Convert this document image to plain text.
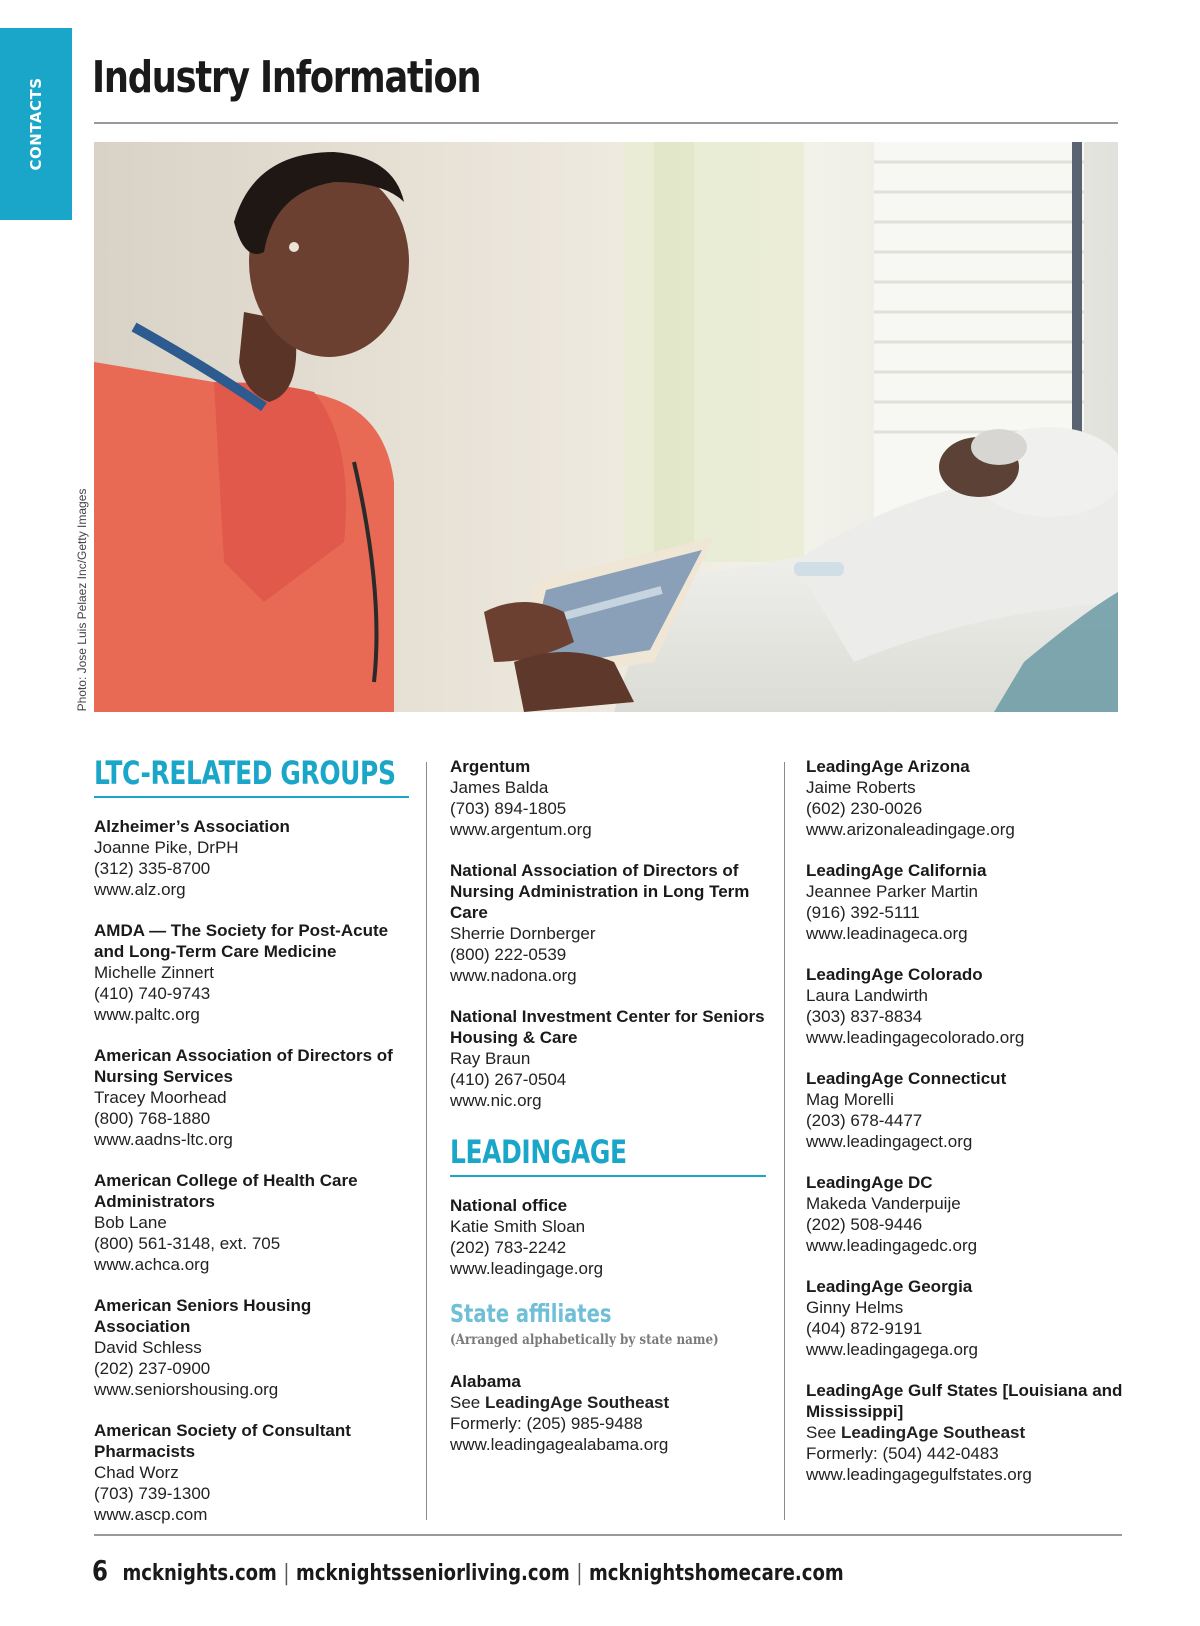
CONTACTS Industry Information
Photo: Jose Luis Pelaez Inc/Getty Images
LTC-RELATED GROUPS
Alzheimer’s Association
Joanne Pike, DrPH
(312) 335-8700
www.alz.org
AMDA — The Society for Post-Acute and Long-Term Care Medicine
Michelle Zinnert
(410) 740-9743
www.paltc.org
American Association of Directors of Nursing Services
Tracey Moorhead
(800) 768-1880
www.aadns-ltc.org
American College of Health Care Administrators
Bob Lane
(800) 561-3148, ext. 705
www.achca.org
American Seniors Housing Association
David Schless
(202) 237-0900
www.seniorshousing.org
American Society of Consultant Pharmacists
Chad Worz
(703) 739-1300
www.ascp.com
Argentum
James Balda
(703) 894-1805
www.argentum.org
National Association of Directors of Nursing Administration in Long Term Care
Sherrie Dornberger
(800) 222-0539
www.nadona.org
National Investment Center for Seniors Housing & Care
Ray Braun
(410) 267-0504
www.nic.org
LEADINGAGE
National office
Katie Smith Sloan
(202) 783-2242
www.leadingage.org
State affiliates
(Arranged alphabetically by state name)
Alabama
See LeadingAge Southeast
Formerly: (205) 985-9488
www.leadingagealabama.org
LeadingAge Arizona
Jaime Roberts
(602) 230-0026
www.arizonaleadingage.org
LeadingAge California
Jeannee Parker Martin
(916) 392-5111
www.leadinageca.org
LeadingAge Colorado
Laura Landwirth
(303) 837-8834
www.leadingagecolorado.org
LeadingAge Connecticut
Mag Morelli
(203) 678-4477
www.leadingagect.org
LeadingAge DC
Makeda Vanderpuije
(202) 508-9446
www.leadingagedc.org
LeadingAge Georgia
Ginny Helms
(404) 872-9191
www.leadingagega.org
LeadingAge Gulf States [Louisiana and Mississippi]
See LeadingAge Southeast
Formerly: (504) 442-0483
www.leadingagegulfstates.org
6 mcknights.com | mcknightsseniorliving.com | mcknightshomecare.com
